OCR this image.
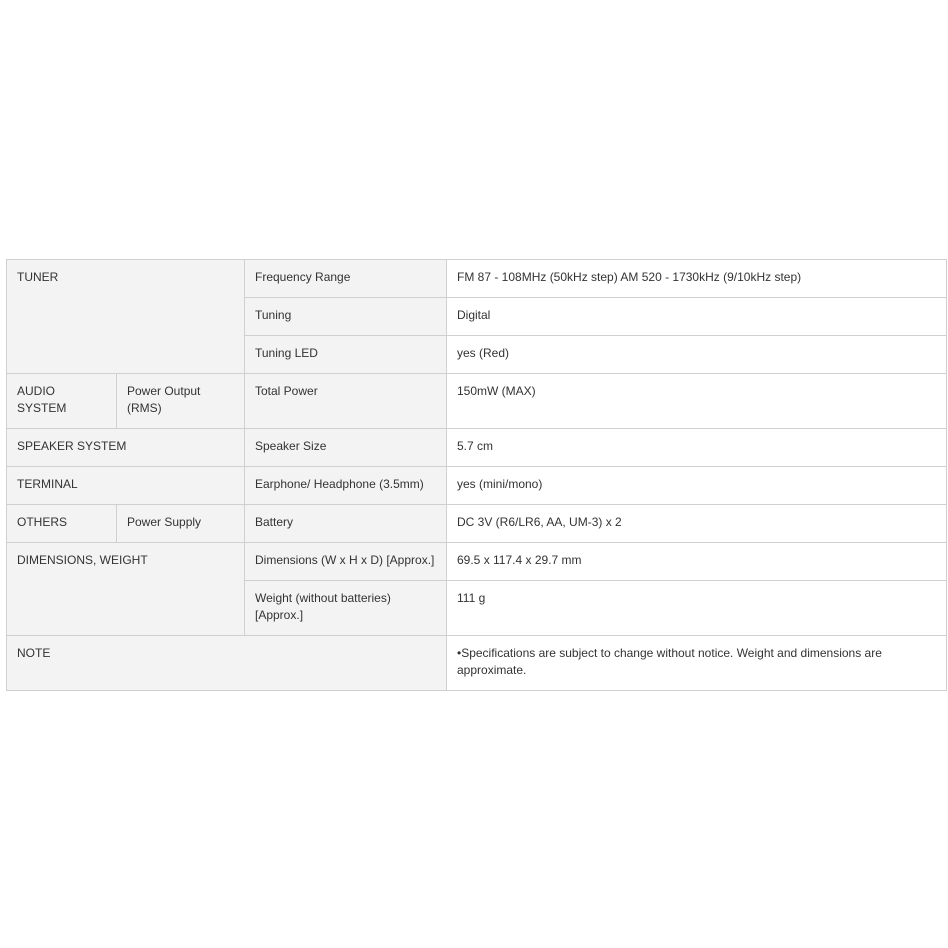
TUNER		Frequency Range	FM 87 - 108MHz (50kHz step) AM 520 - 1730kHz (9/10kHz step)
		Tuning	Digital
		Tuning LED	yes (Red)
AUDIO SYSTEM	Power Output (RMS)	Total Power	150mW (MAX)
SPEAKER SYSTEM		Speaker Size	5.7 cm
TERMINAL		Earphone/ Headphone (3.5mm)	yes (mini/mono)
OTHERS	Power Supply	Battery	DC 3V (R6/LR6, AA, UM-3) x 2
DIMENSIONS, WEIGHT		Dimensions (W x H x D) [Approx.]	69.5 x 117.4 x 29.7 mm
		Weight (without batteries) [Approx.]	111 g
NOTE			•Specifications are subject to change without notice. Weight and dimensions are approximate.
